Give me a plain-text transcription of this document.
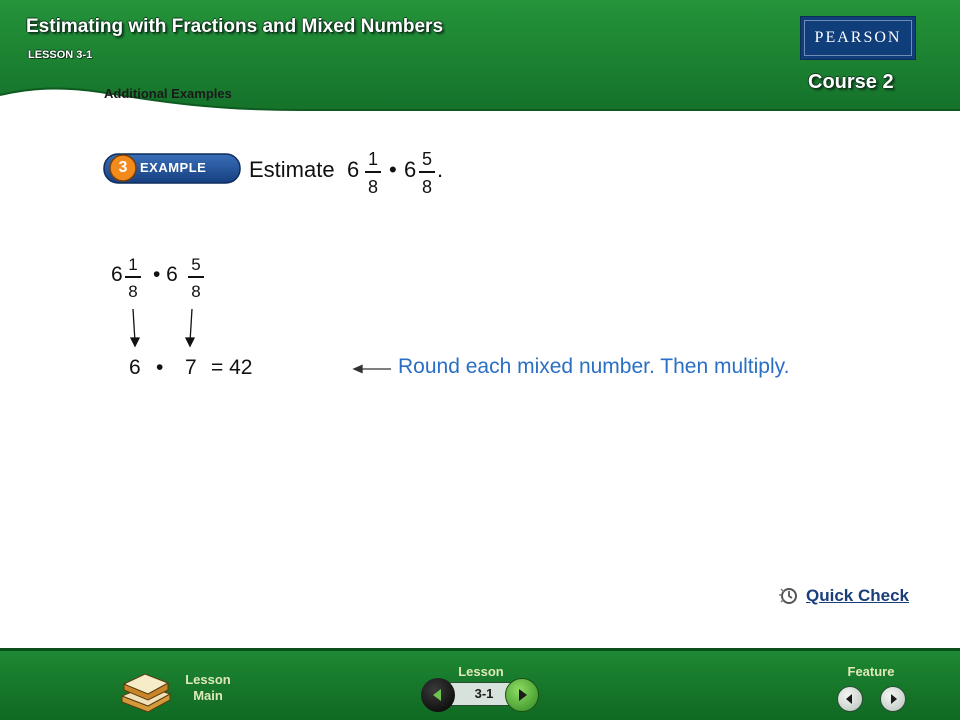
Estimating with Fractions and Mixed Numbers
LESSON 3-1
Additional Examples
Course 2
PEARSON
3 EXAMPLE Estimate 6 1
8
• 6 5
8
.
6 1
8
• 6 5
8
6 • 7 = 42	Round each mixed number. Then multiply.
Quick Check
Lesson
Main
Lesson
3-1
Feature
